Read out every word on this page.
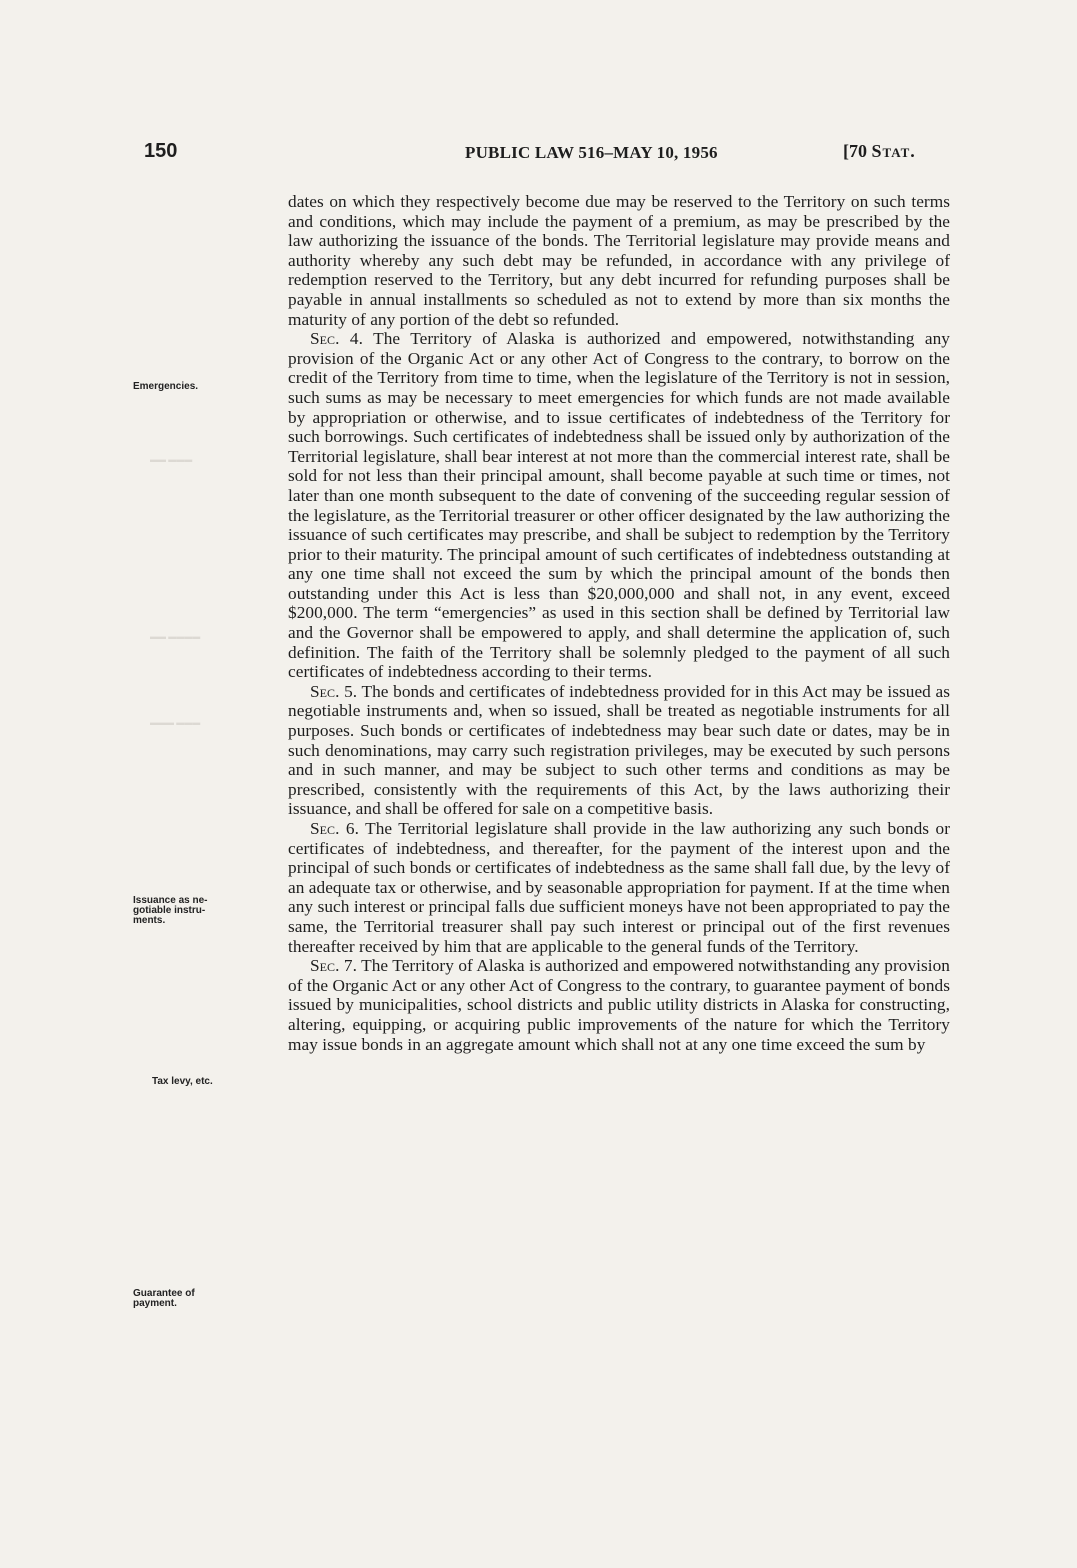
150	PUBLIC LAW 516–MAY 10, 1956	[70 Stat.
▬▬▬ ▬▬
▬▬▬▬ ▬▬
▬▬▬ ▬▬▬
Emergencies.
Issuance as ne-
gotiable instru-
ments.
Tax levy, etc.
Guarantee of
payment.

dates on which they respectively become due may be reserved to the Territory on such terms and conditions, which may include the payment of a premium, as may be prescribed by the law authorizing the issuance of the bonds. The Territorial legislature may provide means and authority whereby any such debt may be refunded, in accordance with any privilege of redemption reserved to the Territory, but any debt incurred for refunding purposes shall be payable in annual installments so scheduled as not to extend by more than six months the maturity of any portion of the debt so refunded.

Sec. 4. The Territory of Alaska is authorized and empowered, notwithstanding any provision of the Organic Act or any other Act of Congress to the contrary, to borrow on the credit of the Territory from time to time, when the legislature of the Territory is not in session, such sums as may be necessary to meet emergencies for which funds are not made available by appropriation or otherwise, and to issue certificates of indebtedness of the Territory for such borrowings. Such certificates of indebtedness shall be issued only by authorization of the Territorial legislature, shall bear interest at not more than the commercial interest rate, shall be sold for not less than their principal amount, shall become payable at such time or times, not later than one month subsequent to the date of convening of the succeeding regular session of the legislature, as the Territorial treasurer or other officer designated by the law authorizing the issuance of such certificates may prescribe, and shall be subject to redemption by the Territory prior to their maturity. The principal amount of such certificates of indebtedness outstanding at any one time shall not exceed the sum by which the principal amount of the bonds then outstanding under this Act is less than $20,000,000 and shall not, in any event, exceed $200,000. The term “emergencies” as used in this section shall be defined by Territorial law and the Governor shall be empowered to apply, and shall determine the application of, such definition. The faith of the Territory shall be solemnly pledged to the payment of all such certificates of indebtedness according to their terms.

Sec. 5. The bonds and certificates of indebtedness provided for in this Act may be issued as negotiable instruments and, when so issued, shall be treated as negotiable instruments for all purposes. Such bonds or certificates of indebtedness may bear such date or dates, may be in such denominations, may carry such registration privileges, may be executed by such persons and in such manner, and may be subject to such other terms and conditions as may be prescribed, consistently with the requirements of this Act, by the laws authorizing their issuance, and shall be offered for sale on a competitive basis.

Sec. 6. The Territorial legislature shall provide in the law authorizing any such bonds or certificates of indebtedness, and thereafter, for the payment of the interest upon and the principal of such bonds or certificates of indebtedness as the same shall fall due, by the levy of an adequate tax or otherwise, and by seasonable appropriation for payment. If at the time when any such interest or principal falls due sufficient moneys have not been appropriated to pay the same, the Territorial treasurer shall pay such interest or principal out of the first revenues thereafter received by him that are applicable to the general funds of the Territory.

Sec. 7. The Territory of Alaska is authorized and empowered notwithstanding any provision of the Organic Act or any other Act of Congress to the contrary, to guarantee payment of bonds issued by municipalities, school districts and public utility districts in Alaska for constructing, altering, equipping, or acquiring public improvements of the nature for which the Territory may issue bonds in an aggregate amount which shall not at any one time exceed the sum by
